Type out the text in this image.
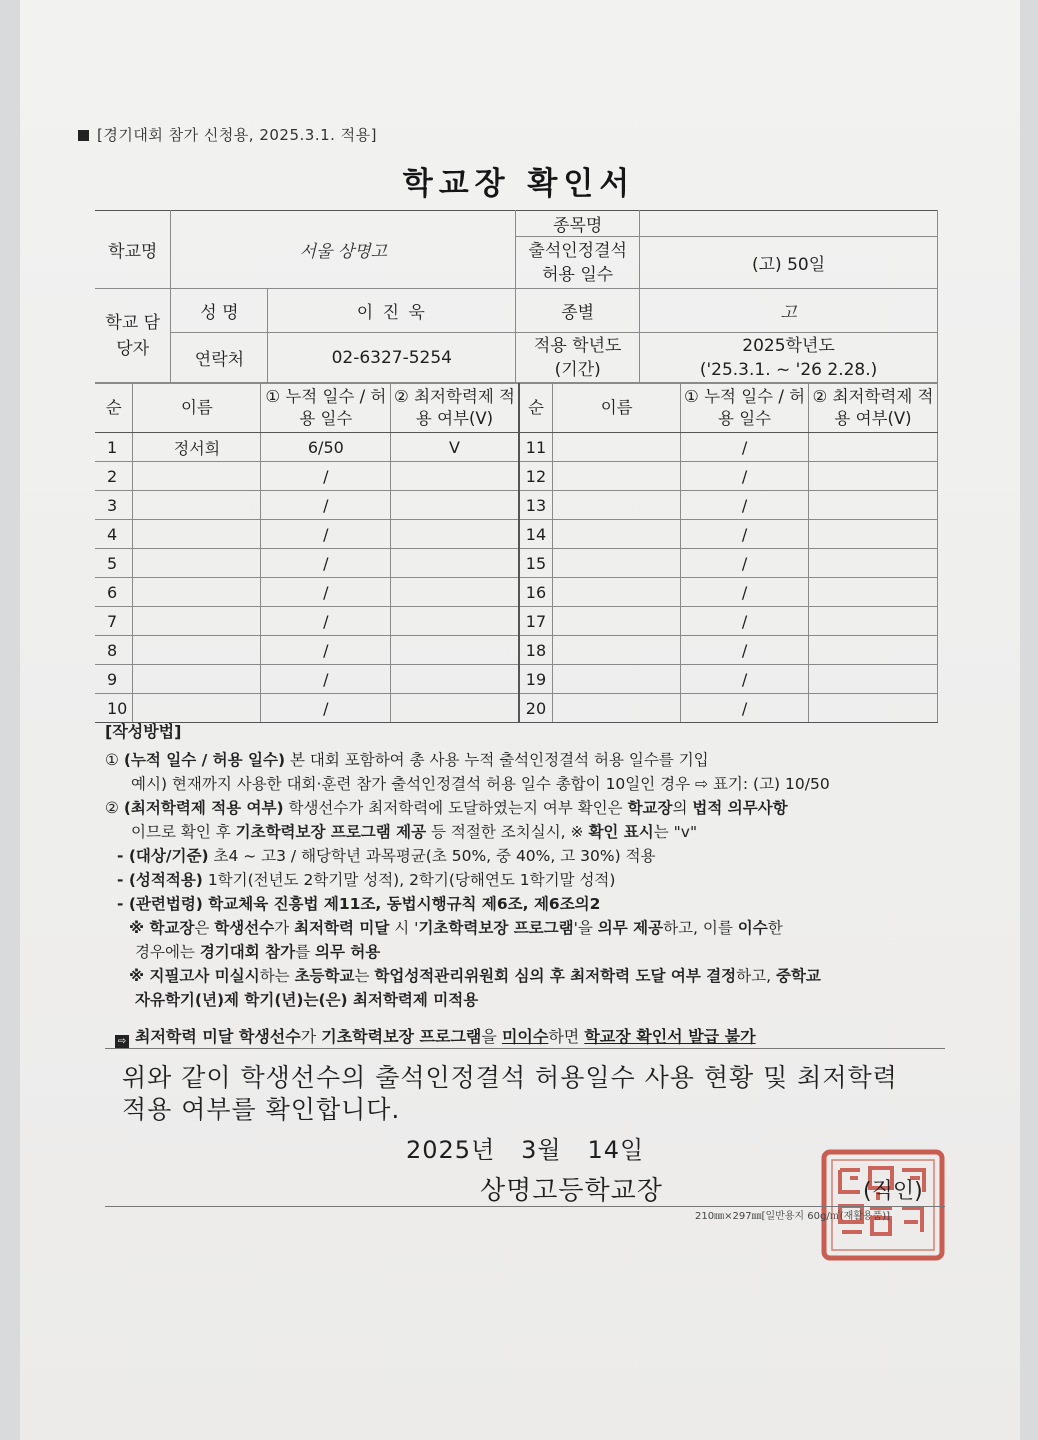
[경기대회 참가 신청용, 2025.3.1. 적용]
학교장 확인서
학교명	서울 상명고		종목명	
			출석인정결석 허용 일수	(고) 50일
학교 담당자	성 명	이 진 욱	종별	고
	연락처	02-6327-5254	적용 학년도 (기간)	2025학년도
('25.3.1. ~ '26 2.28.)
순	이름	① 누적 일수 / 허용 일수	② 최저학력제 적용 여부(V)	순	이름	① 누적 일수 / 허용 일수	② 최저학력제 적용 여부(V)
1	정서희	6/50	V	11		/	
2		/		12		/	
3		/		13		/	
4		/		14		/	
5		/		15		/	
6		/		16		/	
7		/		17		/	
8		/		18		/	
9		/		19		/	
10		/		20		/	
[작성방법]
① (누적 일수 / 허용 일수) 본 대회 포함하여 총 사용 누적 출석인정결석 허용 일수를 기입
예시) 현재까지 사용한 대회·훈련 참가 출석인정결석 허용 일수 총합이 10일인 경우 ⇨ 표기: (고) 10/50
② (최저학력제 적용 여부) 학생선수가 최저학력에 도달하였는지 여부 확인은 학교장의 법적 의무사항
이므로 확인 후 기초학력보장 프로그램 제공 등 적절한 조치실시, ※ 확인 표시는 "v"
- (대상/기준) 초4 ~ 고3 / 해당학년 과목평균(초 50%, 중 40%, 고 30%) 적용
- (성적적용) 1학기(전년도 2학기말 성적), 2학기(당해연도 1학기말 성적)
- (관련법령) 학교체육 진흥법 제11조, 동법시행규칙 제6조, 제6조의2
※ 학교장은 학생선수가 최저학력 미달 시 '기초학력보장 프로그램'을 의무 제공하고, 이를 이수한
경우에는 경기대회 참가를 의무 허용
※ 지필고사 미실시하는 초등학교는 학업성적관리위원회 심의 후 최저학력 도달 여부 결정하고, 중학교
자유학기(년)제 학기(년)는(은) 최저학력제 미적용
⇨ 최저학력 미달 학생선수가 기초학력보장 프로그램을 미이수하면 학교장 확인서 발급 불가
위와 같이 학생선수의 출석인정결석 허용일수 사용 현황 및 최저학력
적용 여부를 확인합니다.
2025년   3월   14일
상명고등학교장	(직인)
210㎜×297㎜[일반용지 60g/㎡(재활용품)]
